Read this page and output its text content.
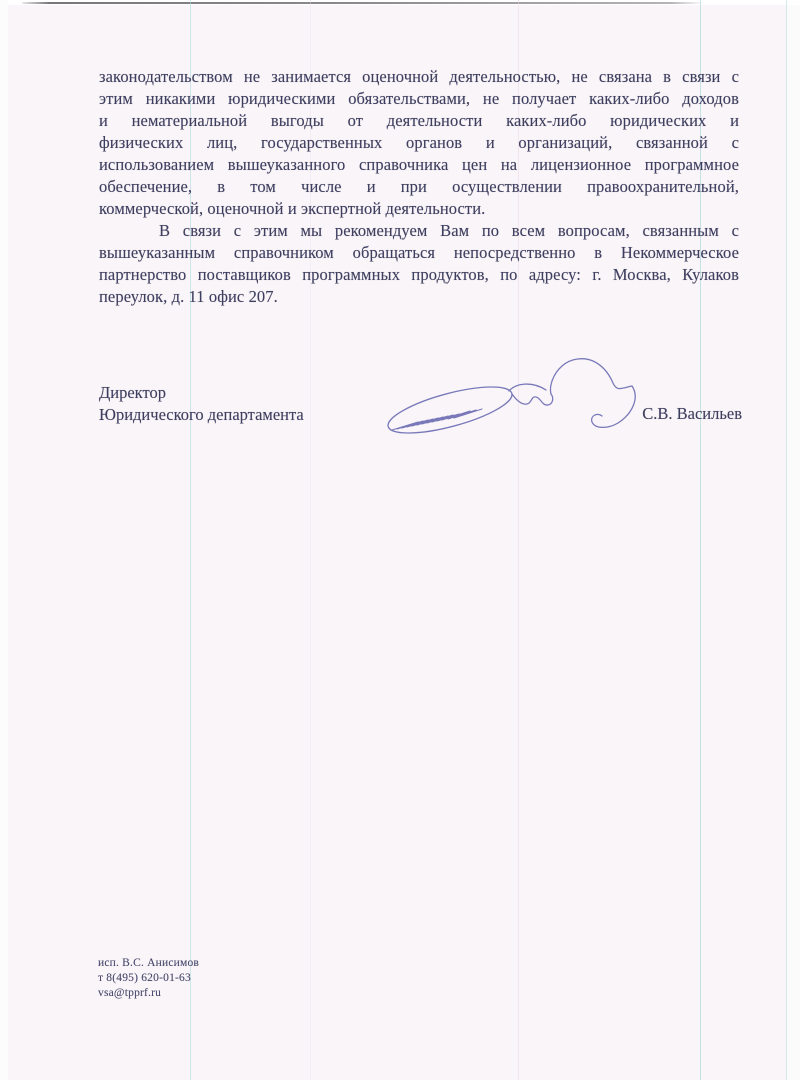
законодательством не занимается оценочной деятельностью, не связана в связи с
этим никакими юридическими обязательствами, не получает каких-либо доходов
и нематериальной выгоды от деятельности каких-либо юридических и
физических лиц, государственных органов и организаций, связанной с
использованием вышеуказанного справочника цен на лицензионное программное
обеспечение, в том числе и при осуществлении правоохранительной,
коммерческой, оценочной и экспертной деятельности.

В связи с этим мы рекомендуем Вам по всем вопросам, связанным с
вышеуказанным справочником обращаться непосредственно в Некоммерческое
партнерство поставщиков программных продуктов, по адресу: г. Москва, Кулаков
переулок, д. 11 офис 207.

Директор
Юридического департамента	С.В. Васильев
исп. В.С. Анисимов
т 8(495) 620-01-63
vsa@tpprf.ru
